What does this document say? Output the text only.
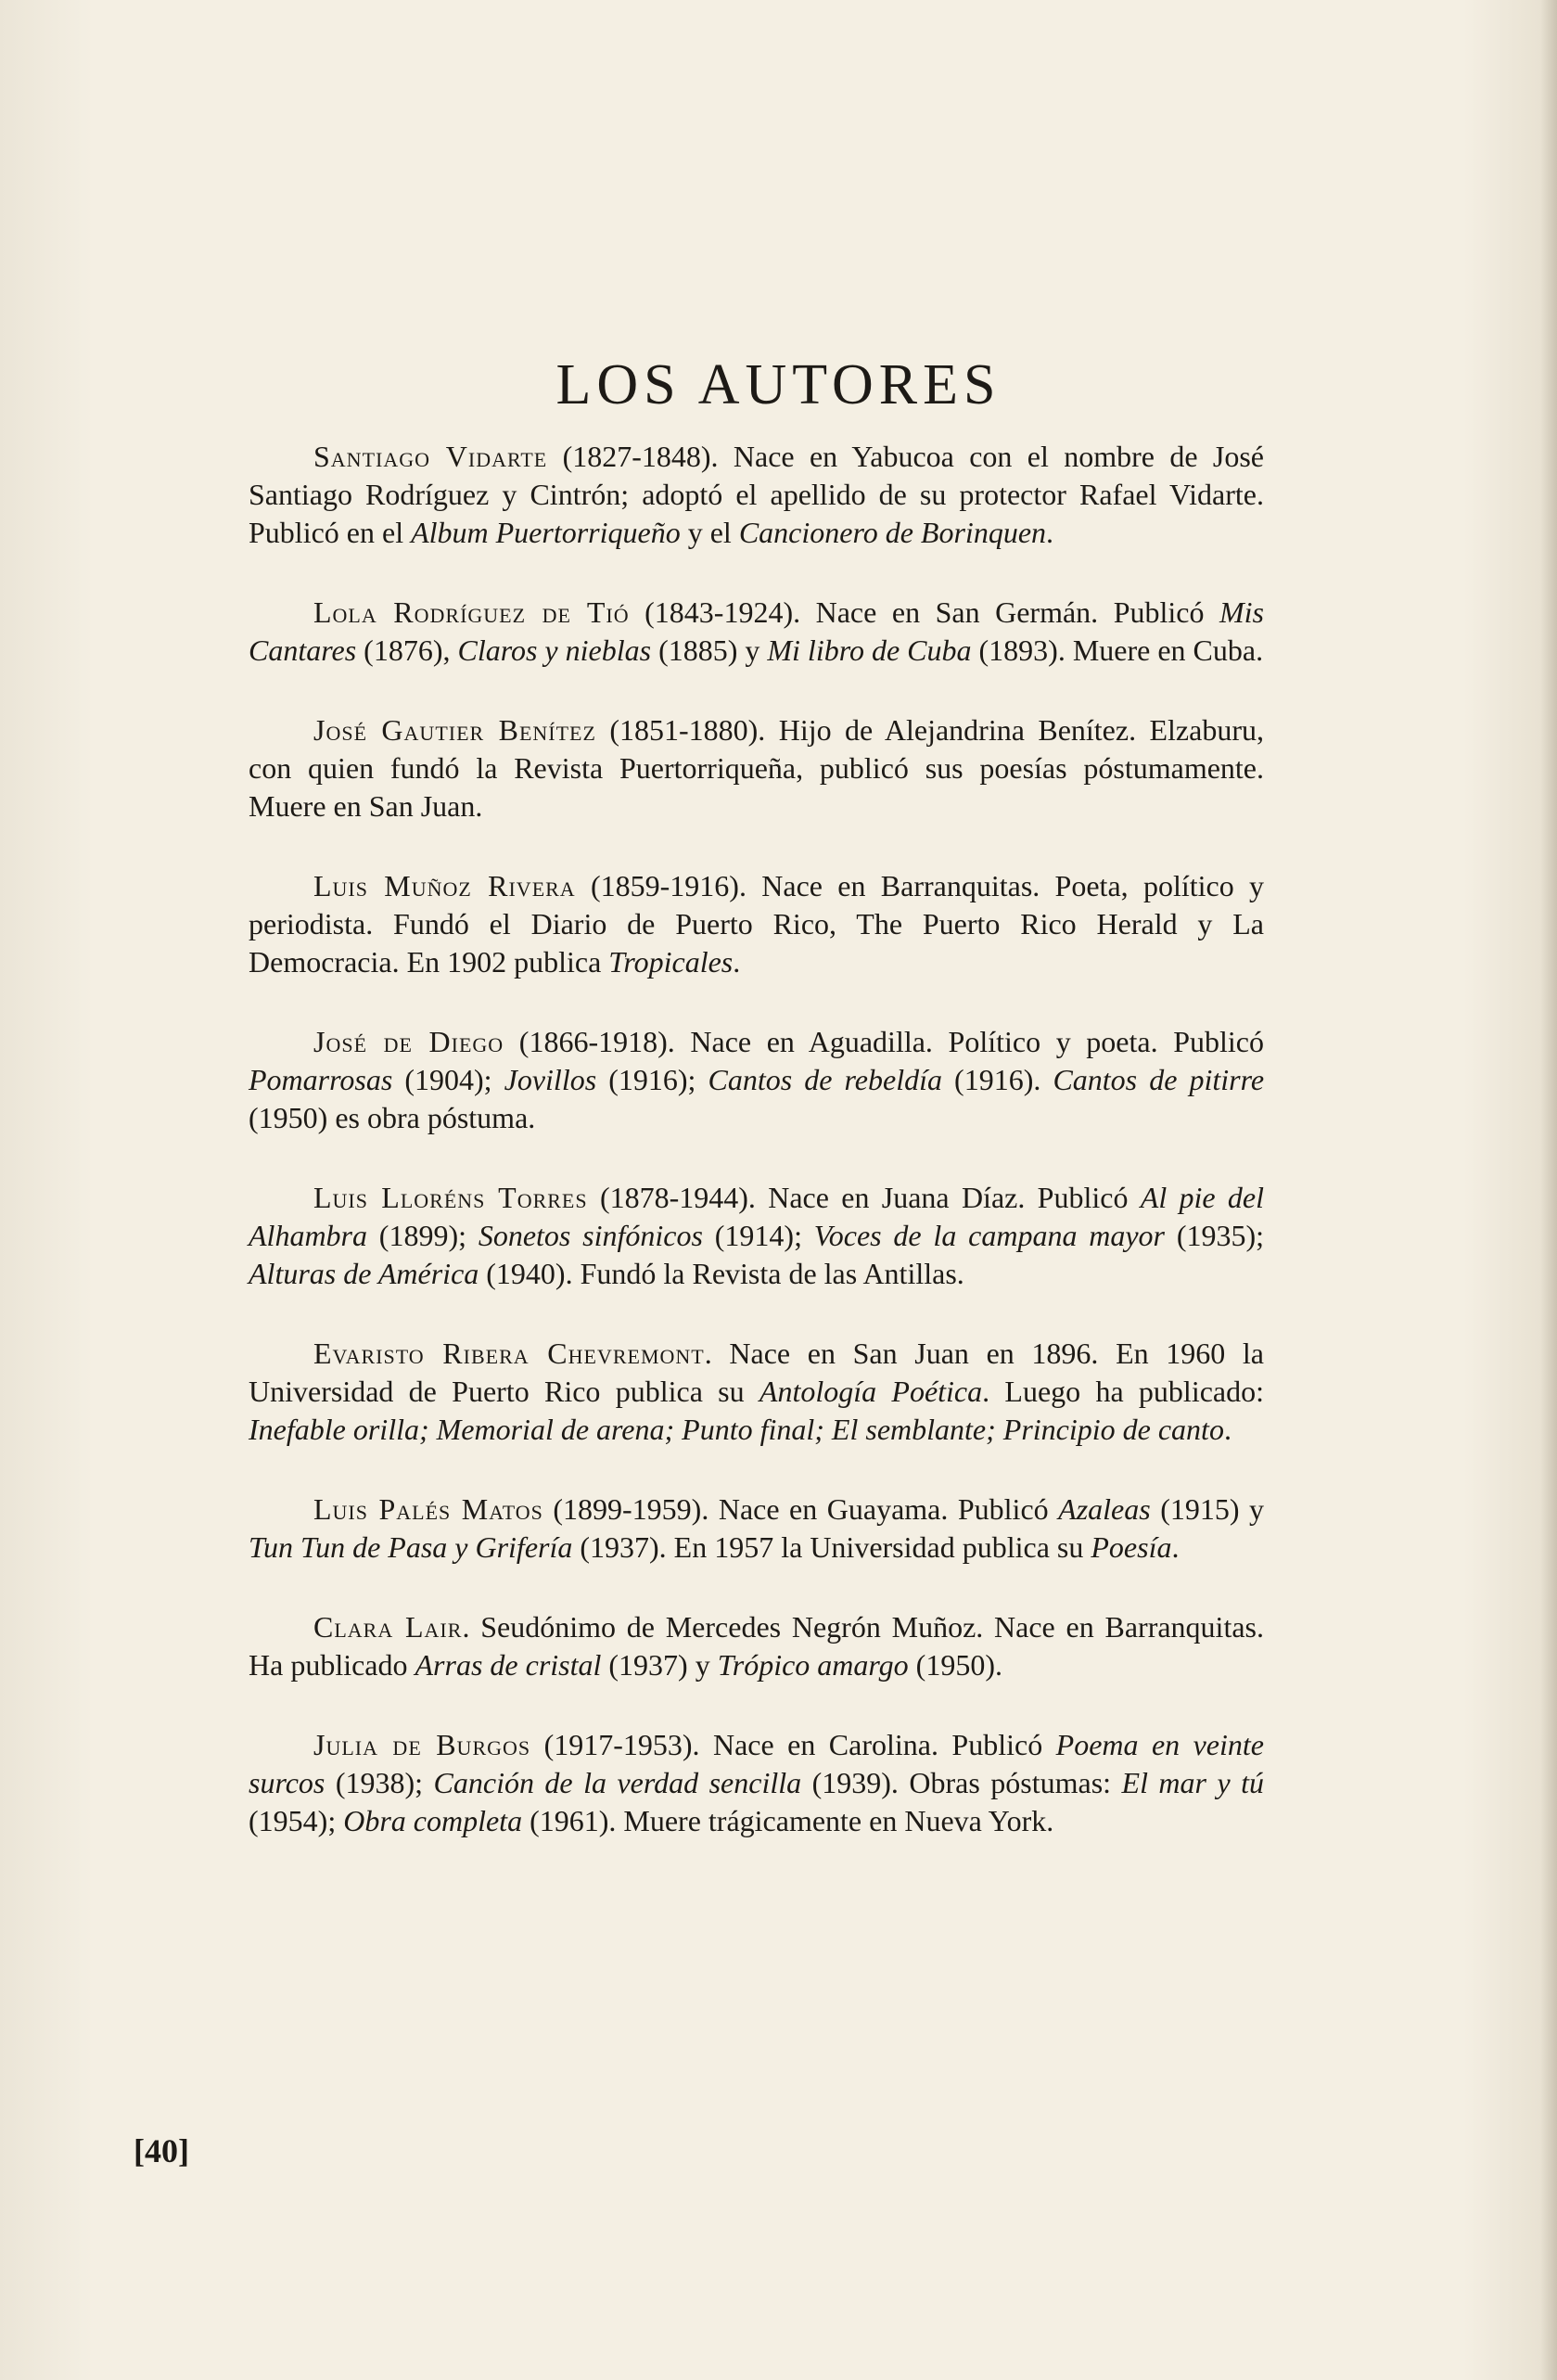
LOS AUTORES

Santiago Vidarte (1827-1848). Nace en Yabucoa con el nombre de José Santiago Rodríguez y Cintrón; adoptó el apellido de su protector Rafael Vidarte. Publicó en el Album Puertorriqueño y el Cancionero de Borinquen.

Lola Rodríguez de Tió (1843-1924). Nace en San Germán. Publicó Mis Cantares (1876), Claros y nieblas (1885) y Mi libro de Cuba (1893). Muere en Cuba.

José Gautier Benítez (1851-1880). Hijo de Alejandrina Benítez. Elzaburu, con quien fundó la Revista Puertorriqueña, publicó sus poesías póstumamente. Muere en San Juan.

Luis Muñoz Rivera (1859-1916). Nace en Barranquitas. Poeta, político y periodista. Fundó el Diario de Puerto Rico, The Puerto Rico Herald y La Democracia. En 1902 publica Tropicales.

José de Diego (1866-1918). Nace en Aguadilla. Político y poeta. Publicó Pomarrosas (1904); Jovillos (1916); Cantos de rebeldía (1916). Cantos de pitirre (1950) es obra póstuma.

Luis Lloréns Torres (1878-1944). Nace en Juana Díaz. Publicó Al pie del Alhambra (1899); Sonetos sinfónicos (1914); Voces de la campana mayor (1935); Alturas de América (1940). Fundó la Revista de las Antillas.

Evaristo Ribera Chevremont. Nace en San Juan en 1896. En 1960 la Universidad de Puerto Rico publica su Antología Poética. Luego ha publicado: Inefable orilla; Memorial de arena; Punto final; El semblante; Principio de canto.

Luis Palés Matos (1899-1959). Nace en Guayama. Publicó Azaleas (1915) y Tun Tun de Pasa y Grifería (1937). En 1957 la Universidad publica su Poesía.

Clara Lair. Seudónimo de Mercedes Negrón Muñoz. Nace en Barranquitas. Ha publicado Arras de cristal (1937) y Trópico amargo (1950).

Julia de Burgos (1917-1953). Nace en Carolina. Publicó Poema en veinte surcos (1938); Canción de la verdad sencilla (1939). Obras póstumas: El mar y tú (1954); Obra completa (1961). Muere trágicamente en Nueva York.

[40]
